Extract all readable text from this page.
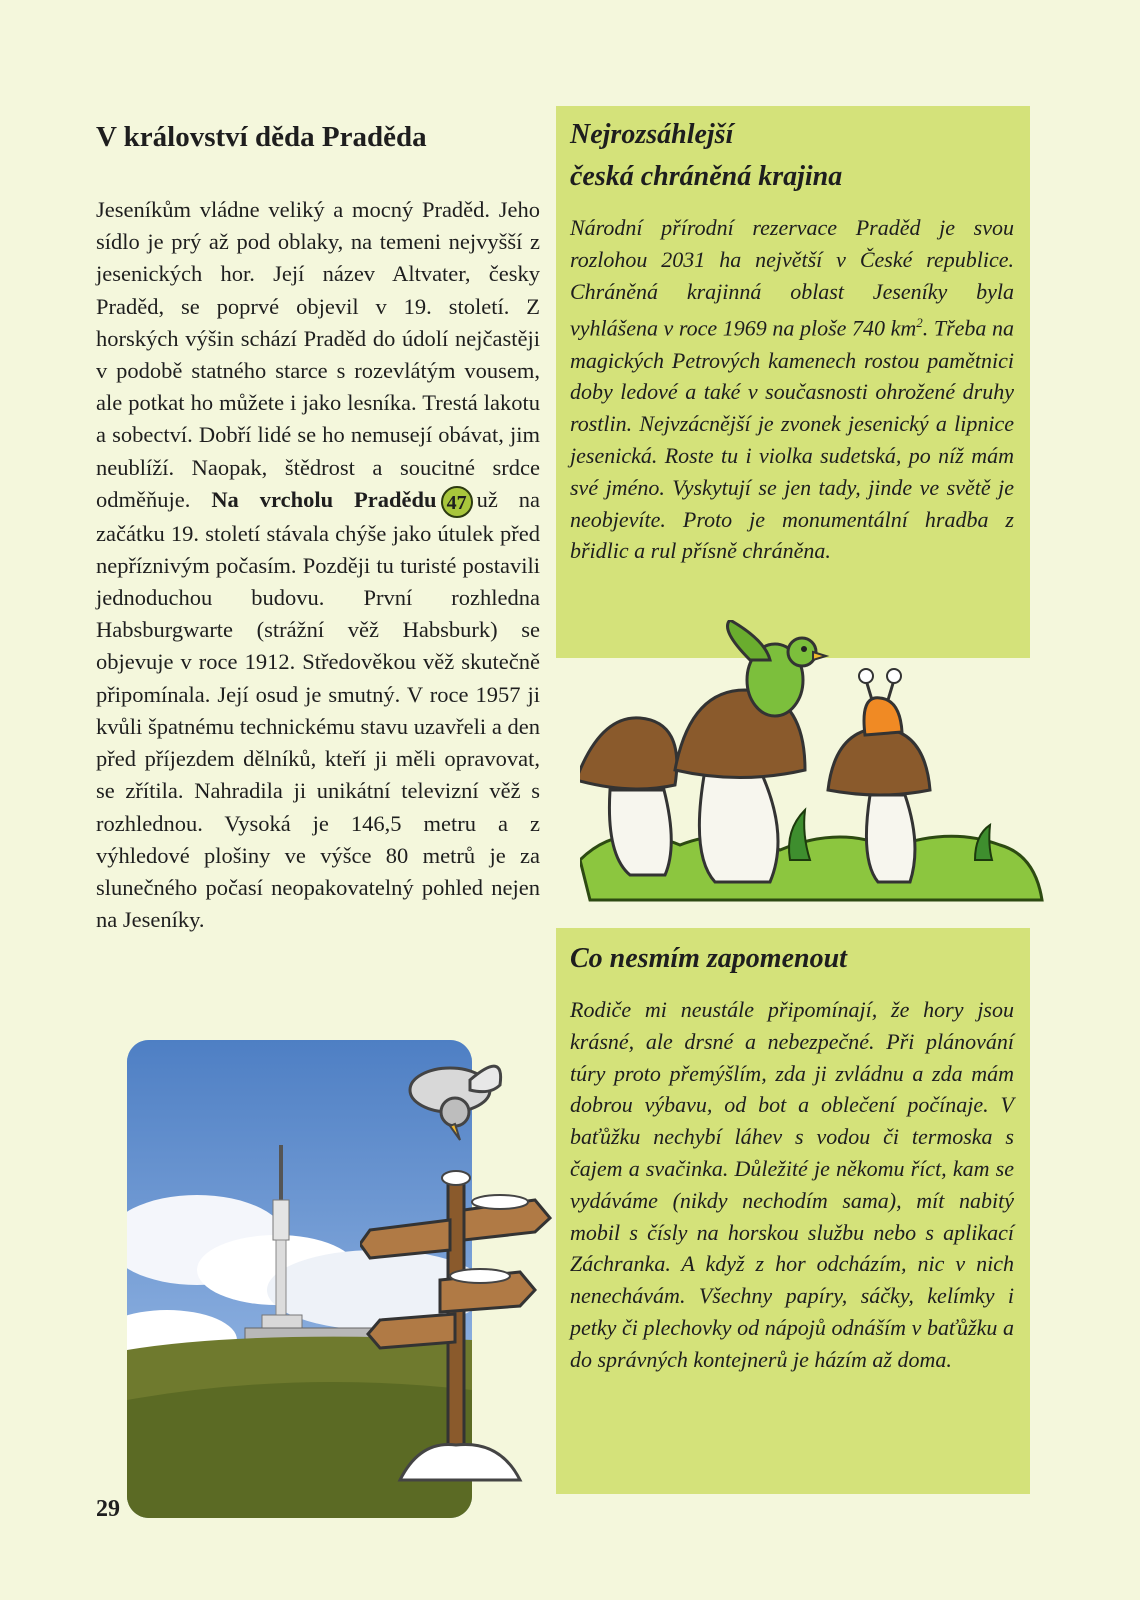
V království děda Praděda

Jeseníkům vládne veliký a mocný Praděd. Jeho sídlo je prý až pod oblaky, na temeni nejvyšší z jesenických hor. Její název Altvater, česky Praděd, se poprvé objevil v 19. století. Z horských výšin schází Praděd do údolí nejčastěji v podobě statného starce s rozevlátým vousem, ale potkat ho můžete i jako lesníka. Trestá lakotu a sobectví. Dobří lidé se ho nemusejí obávat, jim neublíží. Naopak, štědrost a soucitné srdce odměňuje. Na vrcholu Pradědu 47 už na začátku 19. století stávala chýše jako útulek před nepříznivým počasím. Později tu turisté postavili jednoduchou budovu. První rozhledna Habsburgwarte (strážní věž Habsburk) se objevuje v roce 1912. Středověkou věž skutečně připomínala. Její osud je smutný. V roce 1957 ji kvůli špatnému technickému stavu uzavřeli a den před příjezdem dělníků, kteří ji měli opravovat, se zřítila. Nahradila ji unikátní televizní věž s rozhlednou. Vysoká je 146,5 metru a z výhledové plošiny ve výšce 80 metrů je za slunečného počasí neopakovatelný pohled nejen na Jeseníky.

Nejrozsáhlejší
česká chráněná krajina

Národní přírodní rezervace Praděd je svou rozlohou 2031 ha největší v České republice. Chráněná krajinná oblast Jeseníky byla vyhlášena v roce 1969 na ploše 740 $km^2$. Třeba na magických Petrových kamenech rostou pamětnici doby ledové a také v současnosti ohrožené druhy rostlin. Nejvzácnější je zvonek jesenický a lipnice jesenická. Roste tu i violka sudetská, po níž mám své jméno. Vyskytují se jen tady, jinde ve světě je neobjevíte. Proto je monumentální hradba z břidlic a rul přísně chráněna.

Co nesmím zapomenout

Rodiče mi neustále připomínají, že hory jsou krásné, ale drsné a nebezpečné. Při plánování túry proto přemýšlím, zda ji zvládnu a zda mám dobrou výbavu, od bot a oblečení počínaje. V baťůžku nechybí láhev s vodou či termoska s čajem a svačinka. Důležité je někomu říct, kam se vydáváme (nikdy nechodím sama), mít nabitý mobil s čísly na horskou službu nebo s aplikací Záchranka. A když z hor odcházím, nic v nich nenechávám. Všechny papíry, sáčky, kelímky i petky či plechovky od nápojů odnáším v baťůžku a do správných kontejnerů je házím až doma.

29
